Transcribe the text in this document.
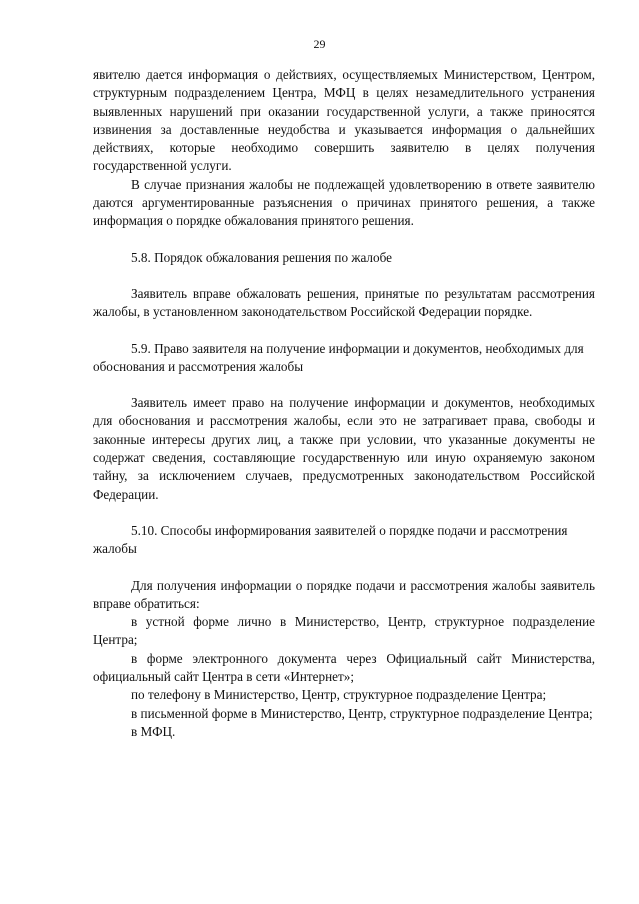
29

явителю дается информация о действиях, осуществляемых Министерством, Центром, структурным подразделением Центра, МФЦ в целях незамедлительного устранения выявленных нарушений при оказании государственной услуги, а также приносятся извинения за доставленные неудобства и указывается информация о дальнейших действиях, которые необходимо совершить заявителю в целях получения государственной услуги.

В случае признания жалобы не подлежащей удовлетворению в ответе заявителю даются аргументированные разъяснения о причинах принятого решения, а также информация о порядке обжалования принятого решения.

5.8. Порядок обжалования решения по жалобе

Заявитель вправе обжаловать решения, принятые по результатам рассмотрения жалобы, в установленном законодательством Российской Федерации порядке.

5.9. Право заявителя на получение информации и документов, необходимых для обоснования и рассмотрения жалобы

Заявитель имеет право на получение информации и документов, необходимых для обоснования и рассмотрения жалобы, если это не затрагивает права, свободы и законные интересы других лиц, а также при условии, что указанные документы не содержат сведения, составляющие государственную или иную охраняемую законом тайну, за исключением случаев, предусмотренных законодательством Российской Федерации.

5.10. Способы информирования заявителей о порядке подачи и рассмотрения жалобы

Для получения информации о порядке подачи и рассмотрения жалобы заявитель вправе обратиться:

в устной форме лично в Министерство, Центр, структурное подразделение Центра;

в форме электронного документа через Официальный сайт Министерства, официальный сайт Центра в сети «Интернет»;

по телефону в Министерство, Центр, структурное подразделение Центра;

в письменной форме в Министерство, Центр, структурное подразделение Центра;

в МФЦ.
